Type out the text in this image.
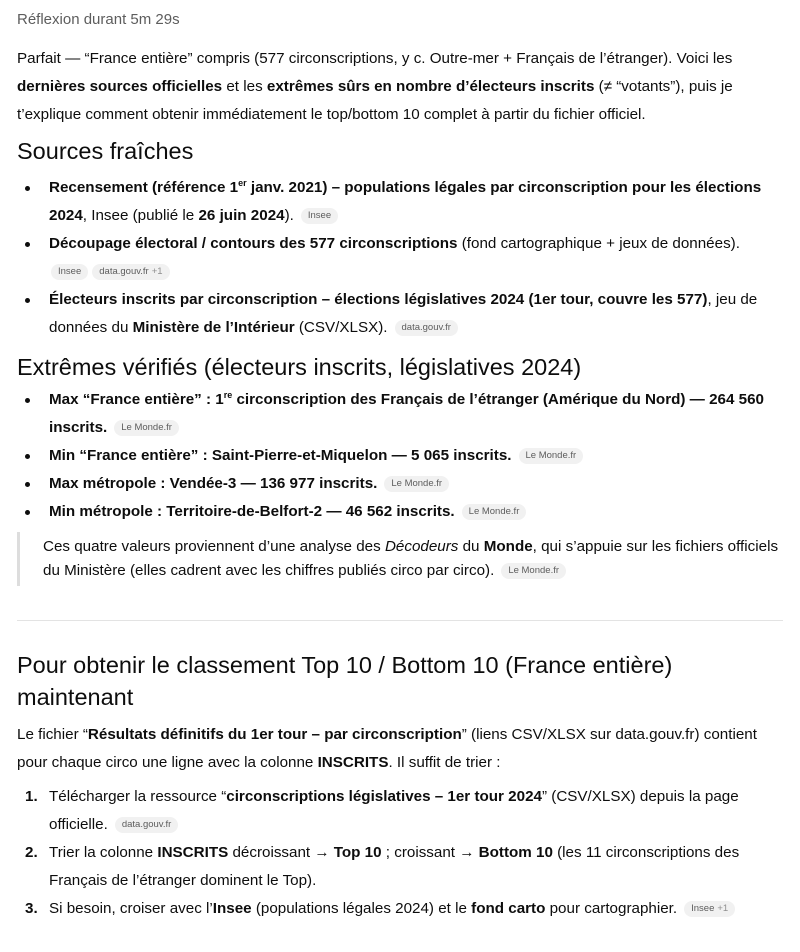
Réflexion durant 5m 29s

Parfait — “France entière” compris (577 circonscriptions, y c. Outre-mer + Français de l’étranger). Voici les dernières sources officielles et les extrêmes sûrs en nombre d’électeurs inscrits (≠ “votants”), puis je t’explique comment obtenir immédiatement le top/bottom 10 complet à partir du fichier officiel.

Sources fraîches
Recensement (référence 1er janv. 2021) – populations légales par circonscription pour les élections 2024, Insee (publié le 26 juin 2024). Insee
Découpage électoral / contours des 577 circonscriptions (fond cartographique + jeux de données).
Insee data.gouv.fr +1
Électeurs inscrits par circonscription – élections législatives 2024 (1er tour, couvre les 577), jeu de données du Ministère de l’Intérieur (CSV/XLSX). data.gouv.fr
Extrêmes vérifiés (électeurs inscrits, législatives 2024)
Max “France entière” : 1re circonscription des Français de l’étranger (Amérique du Nord) — 264 560 inscrits. Le Monde.fr
Min “France entière” : Saint-Pierre-et-Miquelon — 5 065 inscrits. Le Monde.fr
Max métropole : Vendée-3 — 136 977 inscrits. Le Monde.fr
Min métropole : Territoire-de-Belfort-2 — 46 562 inscrits. Le Monde.fr

Ces quatre valeurs proviennent d’une analyse des Décodeurs du Monde, qui s’appuie sur les fichiers officiels du Ministère (elles cadrent avec les chiffres publiés circo par circo). Le Monde.fr

Pour obtenir le classement Top 10 / Bottom 10 (France entière) maintenant

Le fichier “Résultats définitifs du 1er tour – par circonscription” (liens CSV/XLSX sur data.gouv.fr) contient pour chaque circo une ligne avec la colonne INSCRITS. Il suffit de trier :

Télécharger la ressource “circonscriptions législatives – 1er tour 2024” (CSV/XLSX) depuis la page officielle. data.gouv.fr
Trier la colonne INSCRITS décroissant → Top 10 ; croissant → Bottom 10 (les 11 circonscriptions des Français de l’étranger dominent le Top).
Si besoin, croiser avec l’Insee (populations légales 2024) et le fond carto pour cartographier. Insee +1
